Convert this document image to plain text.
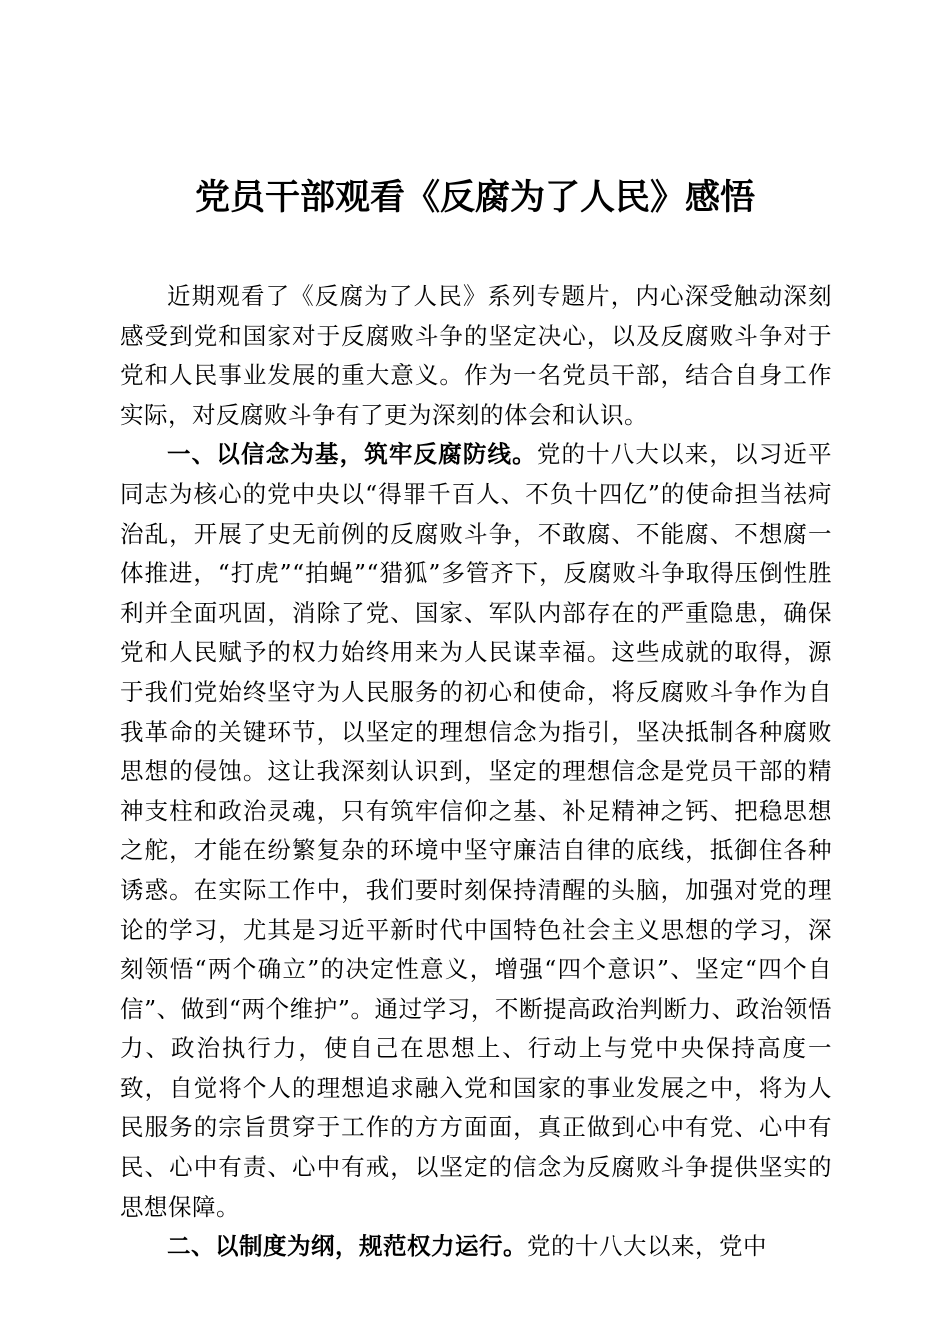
党员干部观看《反腐为了人民》感悟

近期观看了《反腐为了人民》系列专题片，内心深受触动深刻感受到党和国家对于反腐败斗争的坚定决心，以及反腐败斗争对于党和人民事业发展的重大意义。作为一名党员干部，结合自身工作实际，对反腐败斗争有了更为深刻的体会和认识。

一、以信念为基，筑牢反腐防线。党的十八大以来，以习近平同志为核心的党中央以“得罪千百人、不负十四亿”的使命担当祛疴治乱，开展了史无前例的反腐败斗争，不敢腐、不能腐、不想腐一体推进，“打虎”“拍蝇”“猎狐”多管齐下，反腐败斗争取得压倒性胜利并全面巩固，消除了党、国家、军队内部存在的严重隐患，确保党和人民赋予的权力始终用来为人民谋幸福。这些成就的取得，源于我们党始终坚守为人民服务的初心和使命，将反腐败斗争作为自我革命的关键环节，以坚定的理想信念为指引，坚决抵制各种腐败思想的侵蚀。这让我深刻认识到，坚定的理想信念是党员干部的精神支柱和政治灵魂，只有筑牢信仰之基、补足精神之钙、把稳思想之舵，才能在纷繁复杂的环境中坚守廉洁自律的底线，抵御住各种诱惑。在实际工作中，我们要时刻保持清醒的头脑，加强对党的理论的学习，尤其是习近平新时代中国特色社会主义思想的学习，深刻领悟“两个确立”的决定性意义，增强“四个意识”、坚定“四个自信”、做到“两个维护”。通过学习，不断提高政治判断力、政治领悟力、政治执行力，使自己在思想上、行动上与党中央保持高度一致，自觉将个人的理想追求融入党和国家的事业发展之中，将为人民服务的宗旨贯穿于工作的方方面面，真正做到心中有党、心中有民、心中有责、心中有戒，以坚定的信念为反腐败斗争提供坚实的思想保障。

二、以制度为纲，规范权力运行。党的十八大以来，党中
